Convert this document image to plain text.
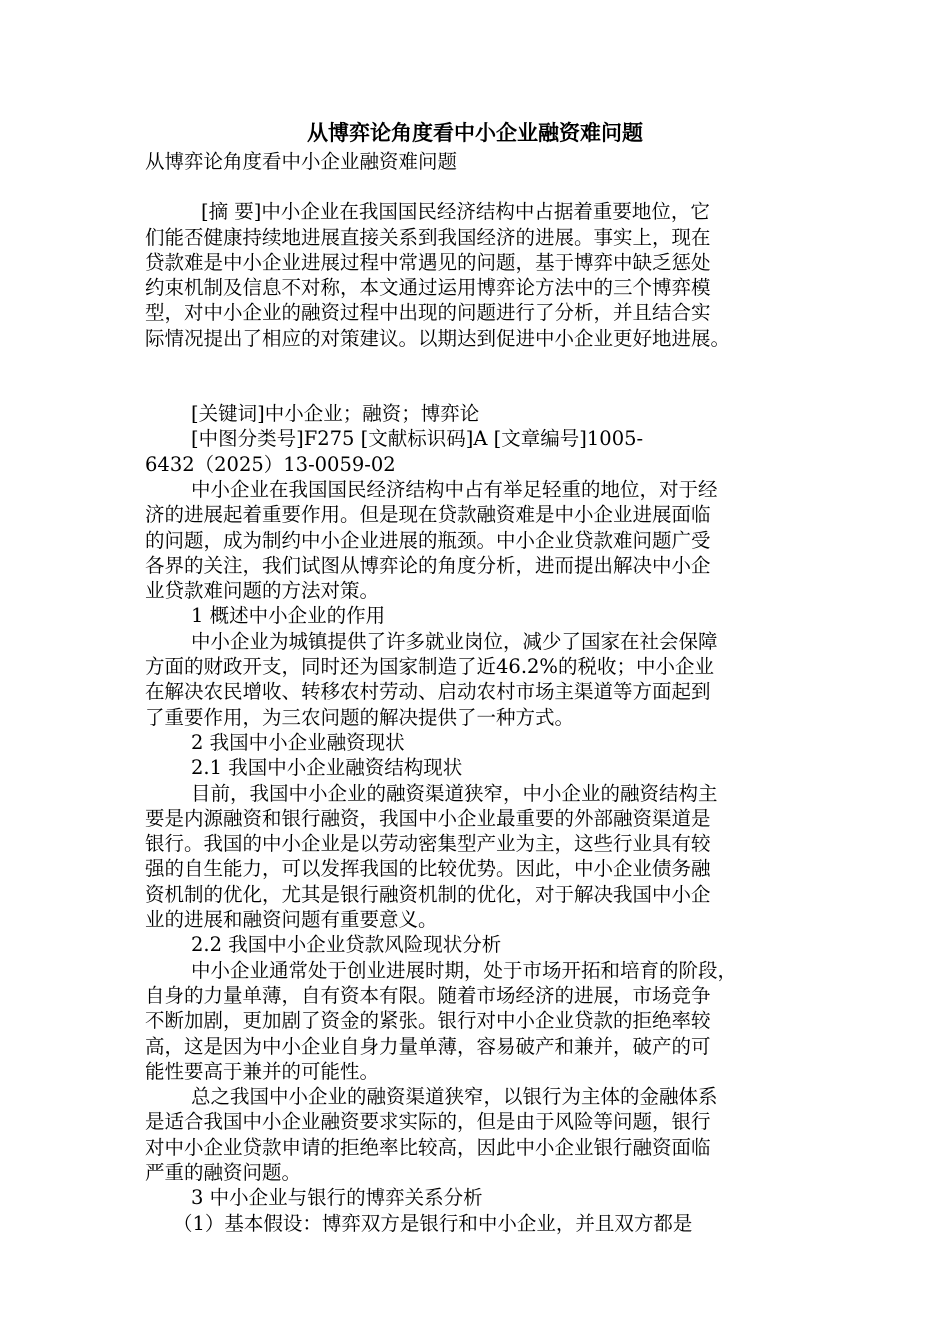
从博弈论角度看中小企业融资难问题

从博弈论角度看中小企业融资难问题

[摘 要]中小企业在我国国民经济结构中占据着重要地位，它

们能否健康持续地进展直接关系到我国经济的进展。事实上，现在

贷款难是中小企业进展过程中常遇见的问题，基于博弈中缺乏惩处

约束机制及信息不对称，本文通过运用博弈论方法中的三个博弈模

型，对中小企业的融资过程中出现的问题进行了分析，并且结合实

际情况提出了相应的对策建议。以期达到促进中小企业更好地进展。

[关键词]中小企业；融资；博弈论

[中图分类号]F275 [文献标识码]A [文章编号]1005-

6432（2025）13-0059-02

中小企业在我国国民经济结构中占有举足轻重的地位，对于经

济的进展起着重要作用。但是现在贷款融资难是中小企业进展面临

的问题，成为制约中小企业进展的瓶颈。中小企业贷款难问题广受

各界的关注，我们试图从博弈论的角度分析，进而提出解决中小企

业贷款难问题的方法对策。

1 概述中小企业的作用

中小企业为城镇提供了许多就业岗位，减少了国家在社会保障

方面的财政开支，同时还为国家制造了近46.2%的税收；中小企业

在解决农民增收、转移农村劳动、启动农村市场主渠道等方面起到

了重要作用，为三农问题的解决提供了一种方式。

2 我国中小企业融资现状

2.1 我国中小企业融资结构现状

目前，我国中小企业的融资渠道狭窄，中小企业的融资结构主

要是内源融资和银行融资，我国中小企业最重要的外部融资渠道是

银行。我国的中小企业是以劳动密集型产业为主，这些行业具有较

强的自生能力，可以发挥我国的比较优势。因此，中小企业债务融

资机制的优化，尤其是银行融资机制的优化，对于解决我国中小企

业的进展和融资问题有重要意义。

2.2 我国中小企业贷款风险现状分析

中小企业通常处于创业进展时期，处于市场开拓和培育的阶段，

自身的力量单薄，自有资本有限。随着市场经济的进展，市场竞争

不断加剧，更加剧了资金的紧张。银行对中小企业贷款的拒绝率较

高，这是因为中小企业自身力量单薄，容易破产和兼并，破产的可

能性要高于兼并的可能性。

总之我国中小企业的融资渠道狭窄，以银行为主体的金融体系

是适合我国中小企业融资要求实际的，但是由于风险等问题，银行

对中小企业贷款申请的拒绝率比较高，因此中小企业银行融资面临

严重的融资问题。

3 中小企业与银行的博弈关系分析

（1）基本假设：博弈双方是银行和中小企业，并且双方都是
